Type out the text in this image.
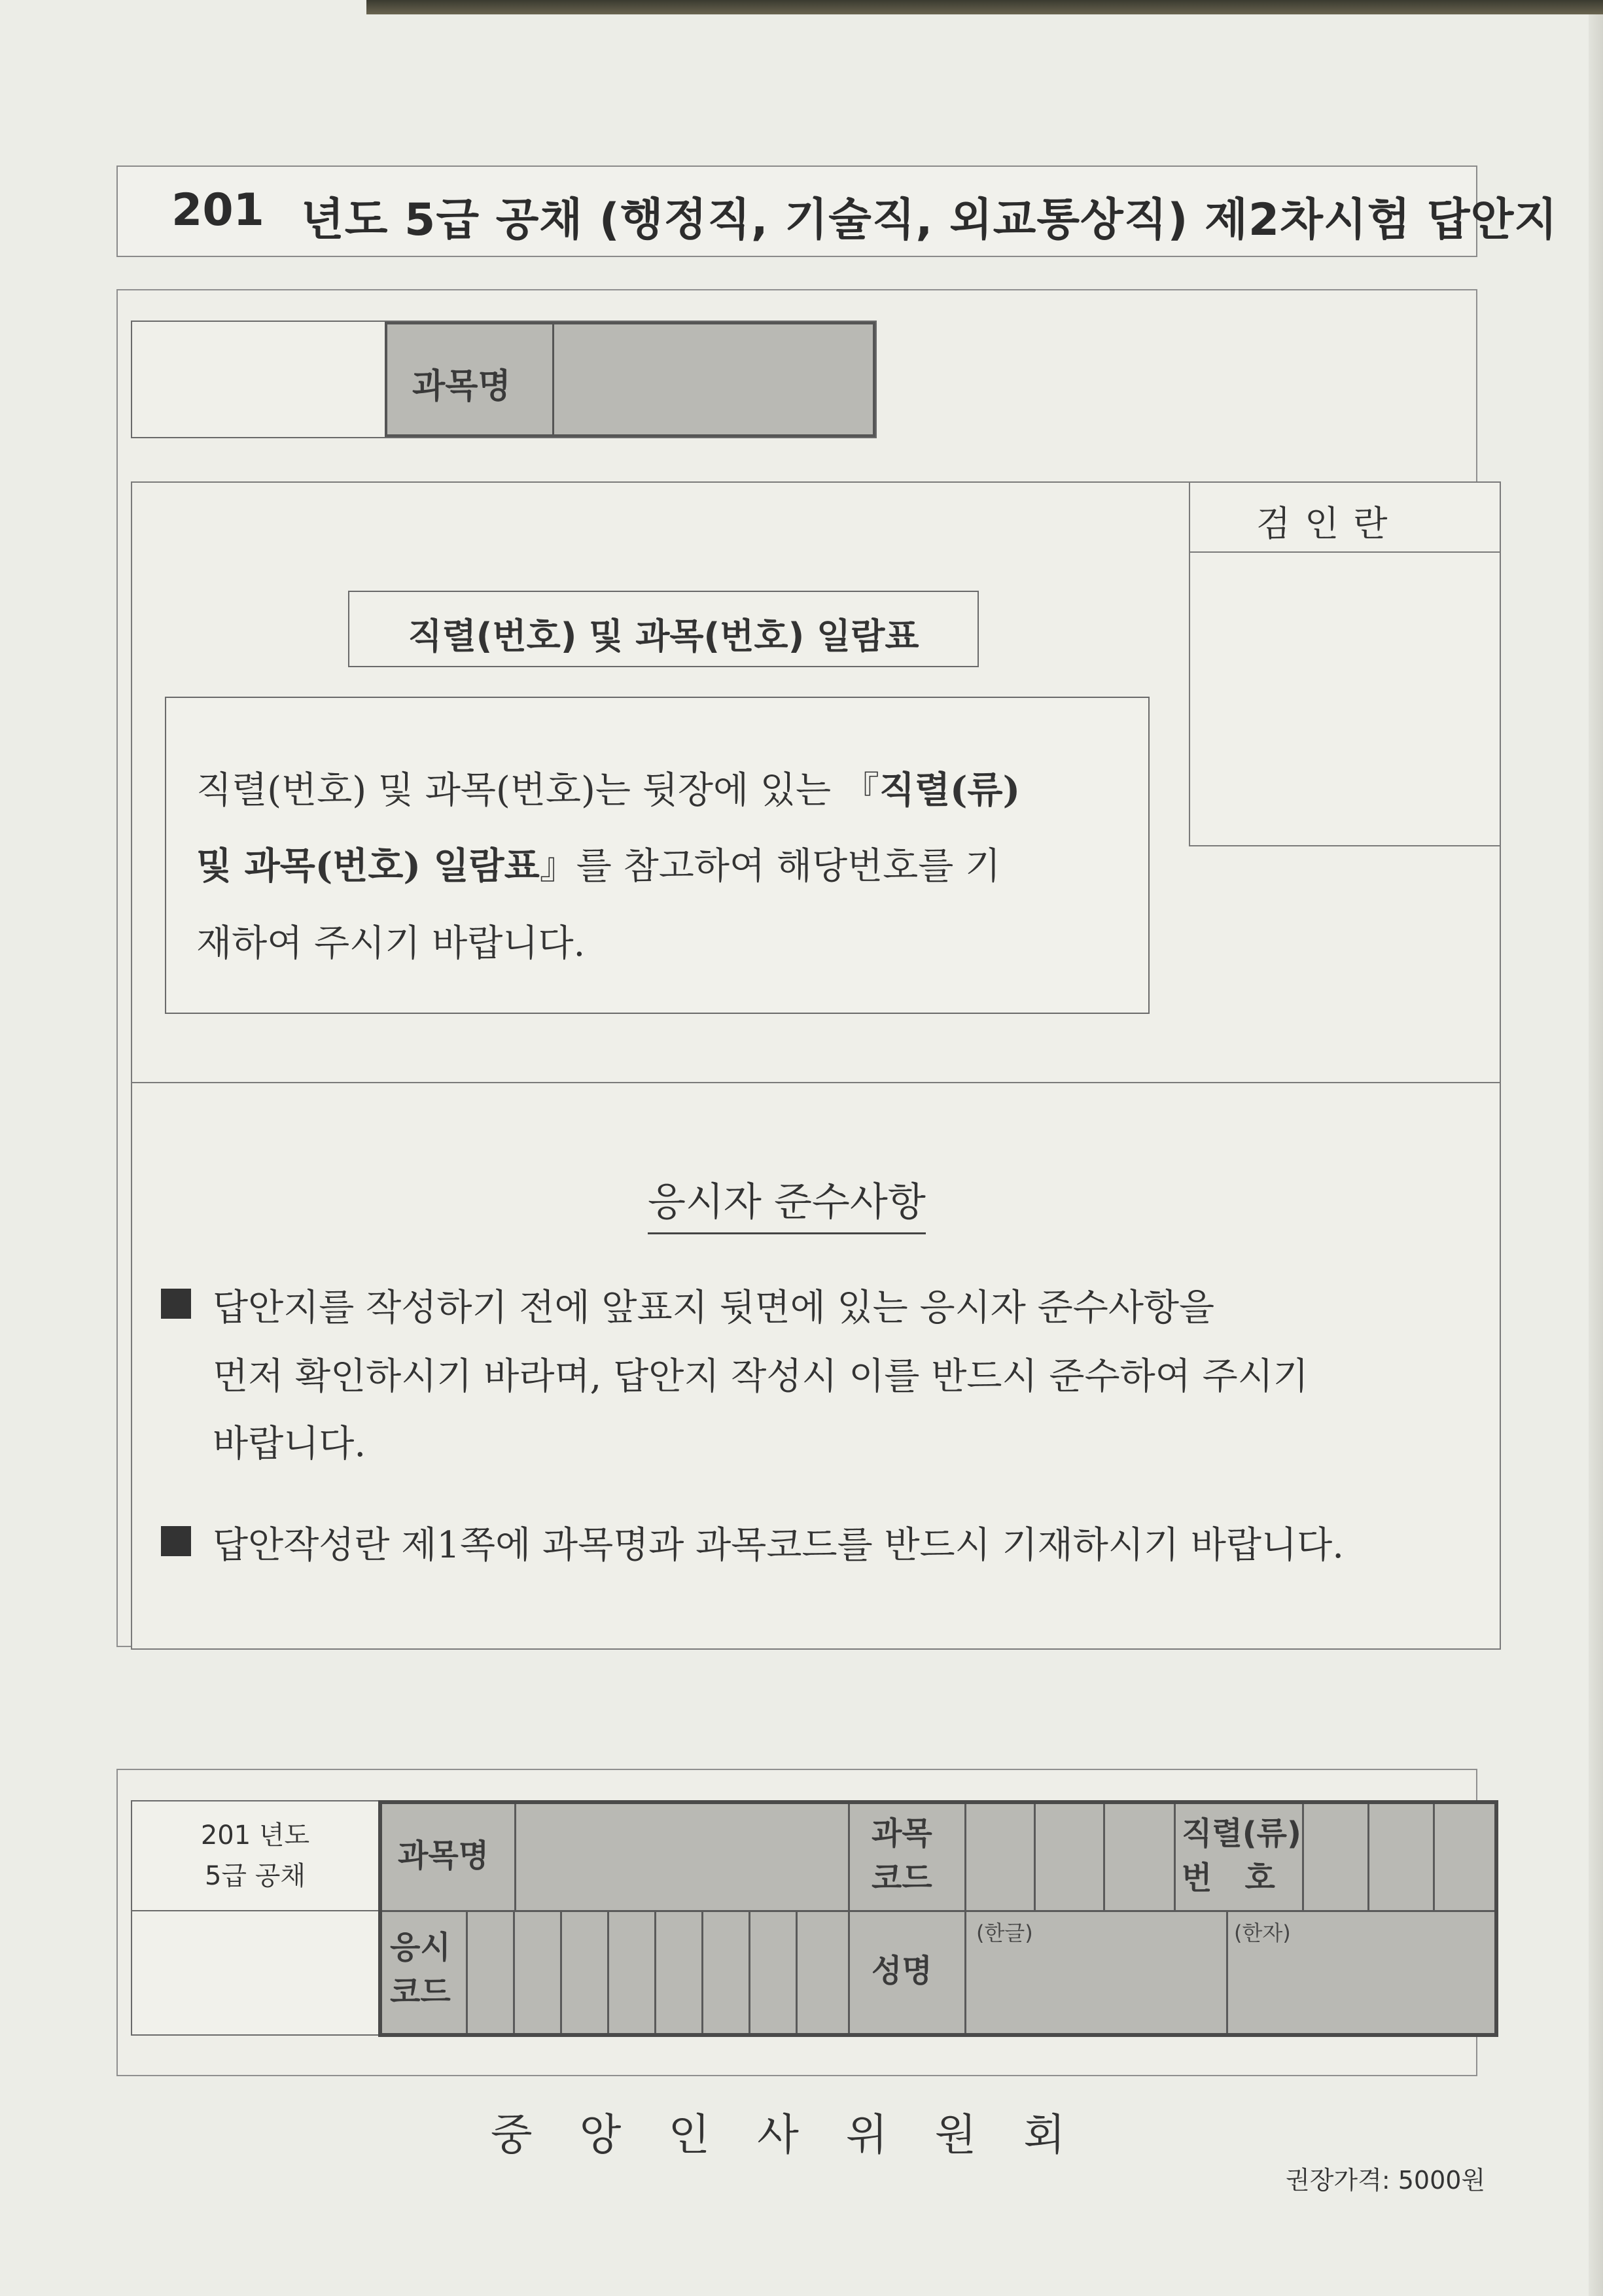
201 년도 5급 공채 (행정직, 기술직, 외교통상직) 제2차시험 답안지
과목명
검인란
직렬(번호) 및 과목(번호) 일람표
직렬(번호) 및 과목(번호)는 뒷장에 있는 『직렬(류)
및 과목(번호) 일람표』를 참고하여 해당번호를 기
재하여 주시기 바랍니다.
응시자 준수사항
답안지를 작성하기 전에 앞표지 뒷면에 있는 응시자 준수사항을
먼저 확인하시기 바라며, 답안지 작성시 이를 반드시 준수하여 주시기
바랍니다.
답안작성란 제1쪽에 과목명과 과목코드를 반드시 기재하시기 바랍니다.
201 년도
5급 공채
과목명
과목
코드
직렬(류)
번   호
응시
코드
성명
(한글)	(한자)
중앙인사위원회
권장가격: 5000원
